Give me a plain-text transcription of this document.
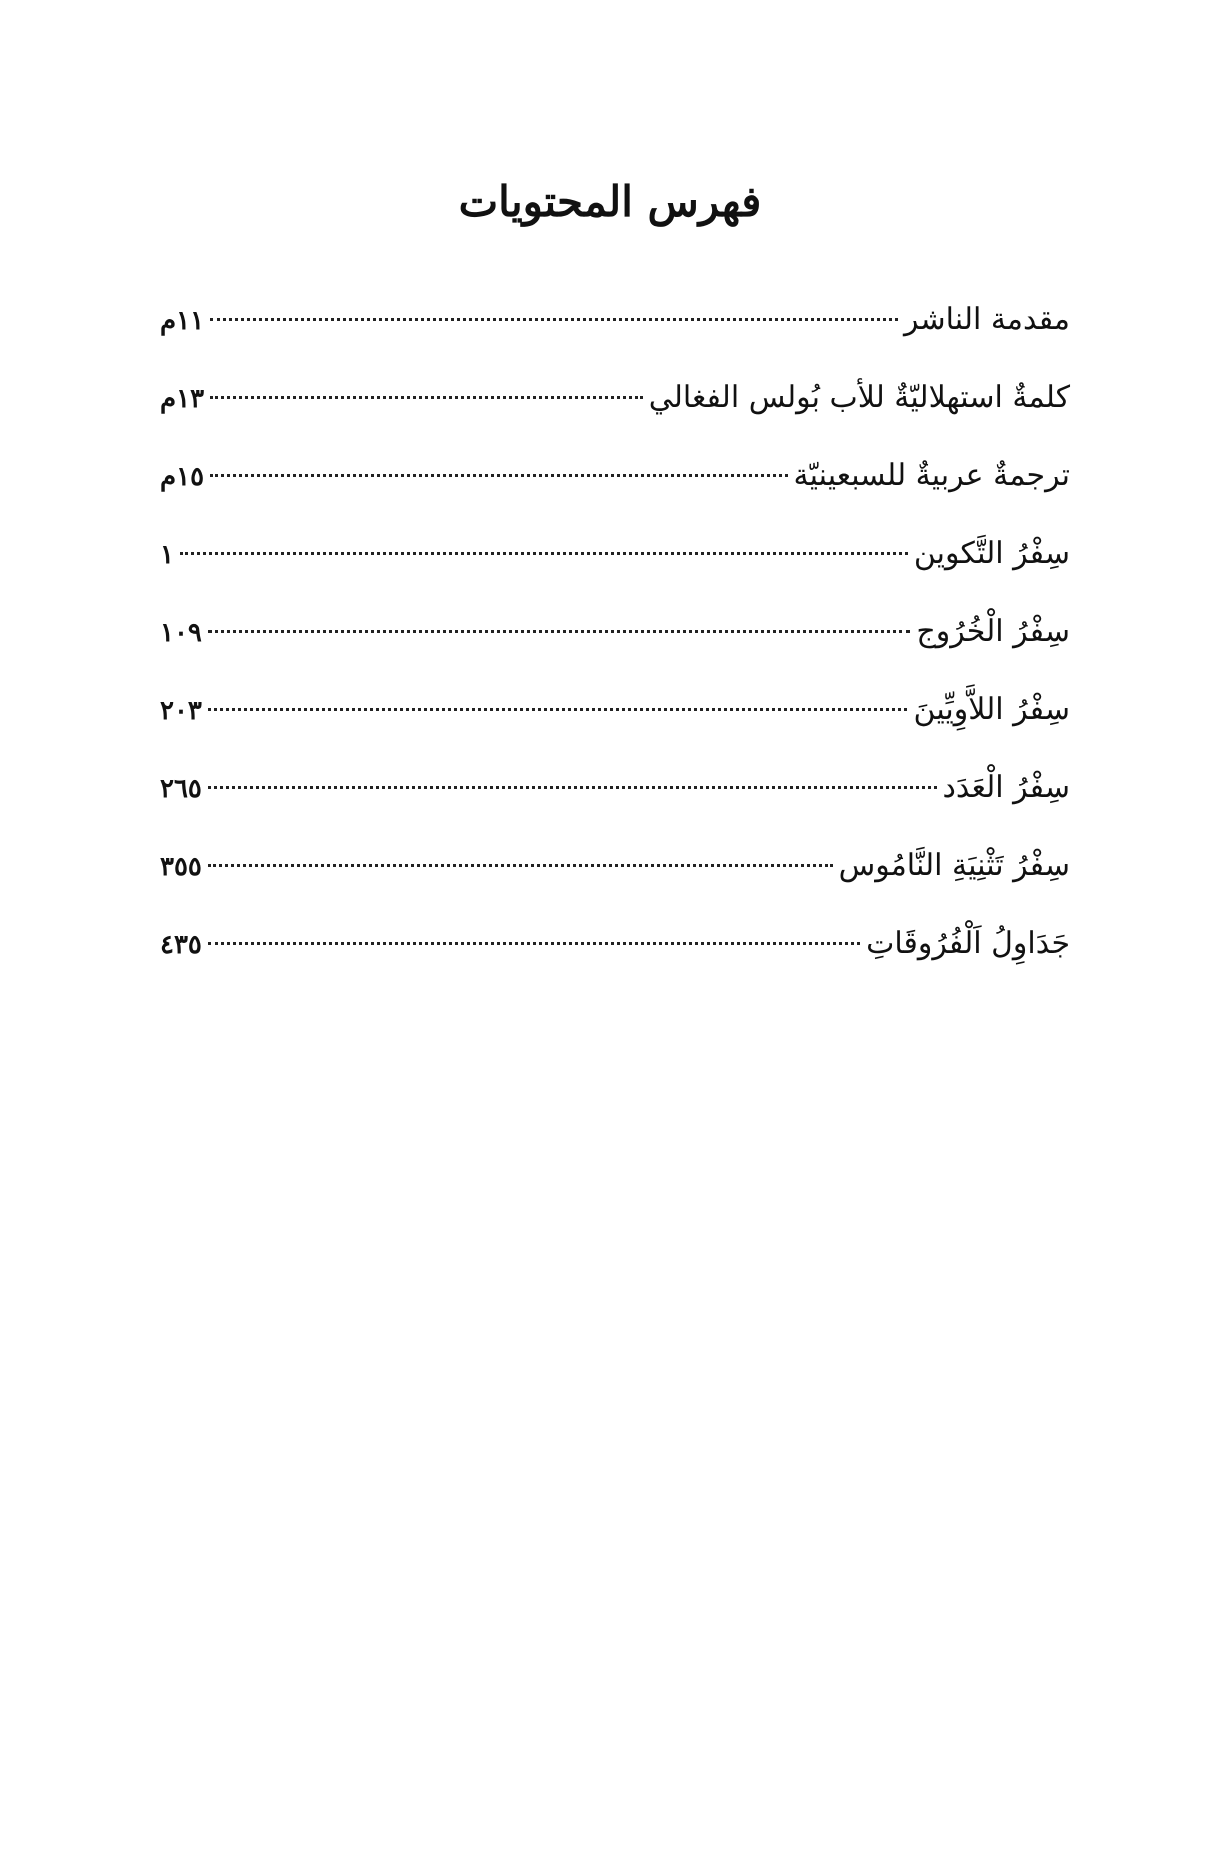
فهرس المحتويات
مقدمة الناشر
١١م
كلمةٌ استهلاليّةٌ للأب بُولس الفغالي
١٣م
ترجمةٌ عربيةٌ للسبعينيّة
١٥م
سِفْرُ التَّكوين
١
سِفْرُ الْخُرُوج
١٠٩
سِفْرُ اللاَّوِيِّينَ
٢٠٣
سِفْرُ الْعَدَد
٢٦٥
سِفْرُ تَثْنِيَةِ النَّامُوس
٣٥٥
جَدَاوِلُ اَلْفُرُوقَاتِ
٤٣٥
